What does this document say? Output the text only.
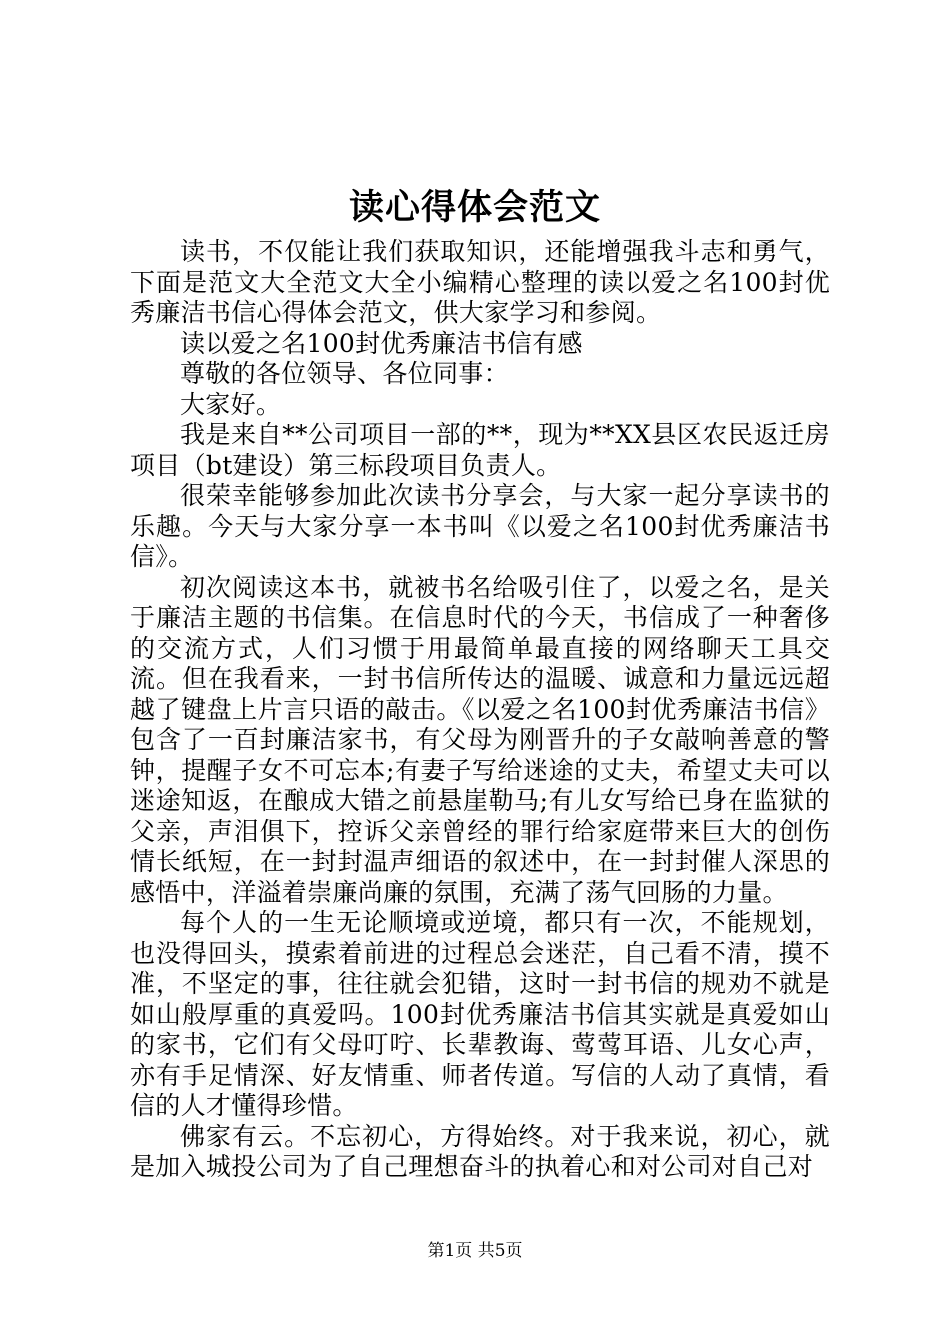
读心得体会范文

读书，不仅能让我们获取知识，还能增强我斗志和勇气，下面是范文大全范文大全小编精心整理的读以爱之名100封优秀廉洁书信心得体会范文，供大家学习和参阅。

读以爱之名100封优秀廉洁书信有感

尊敬的各位领导、各位同事：

大家好。

我是来自**公司项目一部的**，现为**XX县区农民返迁房项目（bt建设）第三标段项目负责人。

很荣幸能够参加此次读书分享会，与大家一起分享读书的乐趣。今天与大家分享一本书叫《以爱之名100封优秀廉洁书信》。

初次阅读这本书，就被书名给吸引住了，以爱之名，是关于廉洁主题的书信集。在信息时代的今天，书信成了一种奢侈的交流方式，人们习惯于用最简单最直接的网络聊天工具交流。但在我看来，一封书信所传达的温暖、诚意和力量远远超越了键盘上片言只语的敲击。《以爱之名100封优秀廉洁书信》包含了一百封廉洁家书，有父母为刚晋升的子女敲响善意的警钟，提醒子女不可忘本;有妻子写给迷途的丈夫，希望丈夫可以迷途知返，在酿成大错之前悬崖勒马;有儿女写给已身在监狱的父亲，声泪俱下，控诉父亲曾经的罪行给家庭带来巨大的创伤情长纸短，在一封封温声细语的叙述中，在一封封催人深思的感悟中，洋溢着崇廉尚廉的氛围，充满了荡气回肠的力量。

每个人的一生无论顺境或逆境，都只有一次，不能规划，也没得回头，摸索着前进的过程总会迷茫，自己看不清，摸不准，不坚定的事，往往就会犯错，这时一封书信的规劝不就是如山般厚重的真爱吗。100封优秀廉洁书信其实就是真爱如山的家书，它们有父母叮咛、长辈教诲、莺莺耳语、儿女心声，亦有手足情深、好友情重、师者传道。写信的人动了真情，看信的人才懂得珍惜。

佛家有云。不忘初心，方得始终。对于我来说，初心，就是加入城投公司为了自己理想奋斗的执着心和对公司对自己对

第1页 共5页
